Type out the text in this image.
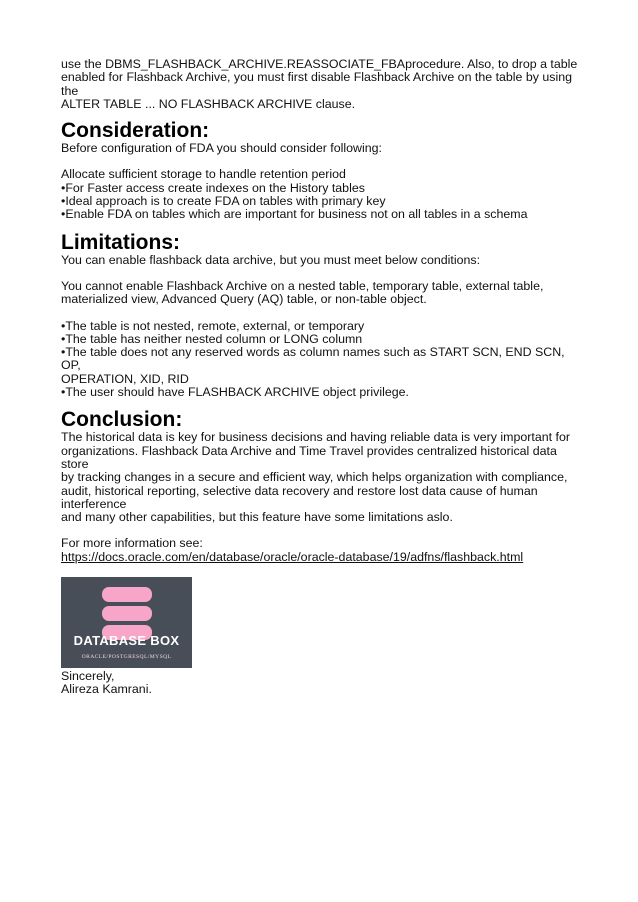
use the DBMS_FLASHBACK_ARCHIVE.REASSOCIATE_FBAprocedure. Also, to drop a table

enabled for Flashback Archive, you must first disable Flashback Archive on the table by using the

ALTER TABLE ... NO FLASHBACK ARCHIVE clause.

Consideration:

Before configuration of FDA you should consider following:

Allocate sufficient storage to handle retention period

•For Faster access create indexes on the History tables

•Ideal approach is to create FDA on tables with primary key

•Enable FDA on tables which are important for business not on all tables in a schema

Limitations:

You can enable flashback data archive, but you must meet below conditions:

You cannot enable Flashback Archive on a nested table, temporary table, external table,

materialized view, Advanced Query (AQ) table, or non-table object.

•The table is not nested, remote, external, or temporary

•The table has neither nested column or LONG column

•The table does not any reserved words as column names such as START SCN, END SCN, OP,

OPERATION, XID, RID

•The user should have FLASHBACK ARCHIVE object privilege.

Conclusion:

The historical data is key for business decisions and having reliable data is very important for

organizations. Flashback Data Archive and Time Travel provides centralized historical data store

by tracking changes in a secure and efficient way, which helps organization with compliance,

audit, historical reporting, selective data recovery and restore lost data cause of human

interference

and many other capabilities, but this feature have some limitations aslo.

For more information see:

https://docs.oracle.com/en/database/oracle/oracle-database/19/adfns/flashback.html

DATABASE BOX
ORACLE/POSTGRESQL/MYSQL

Sincerely,

Alireza Kamrani.
